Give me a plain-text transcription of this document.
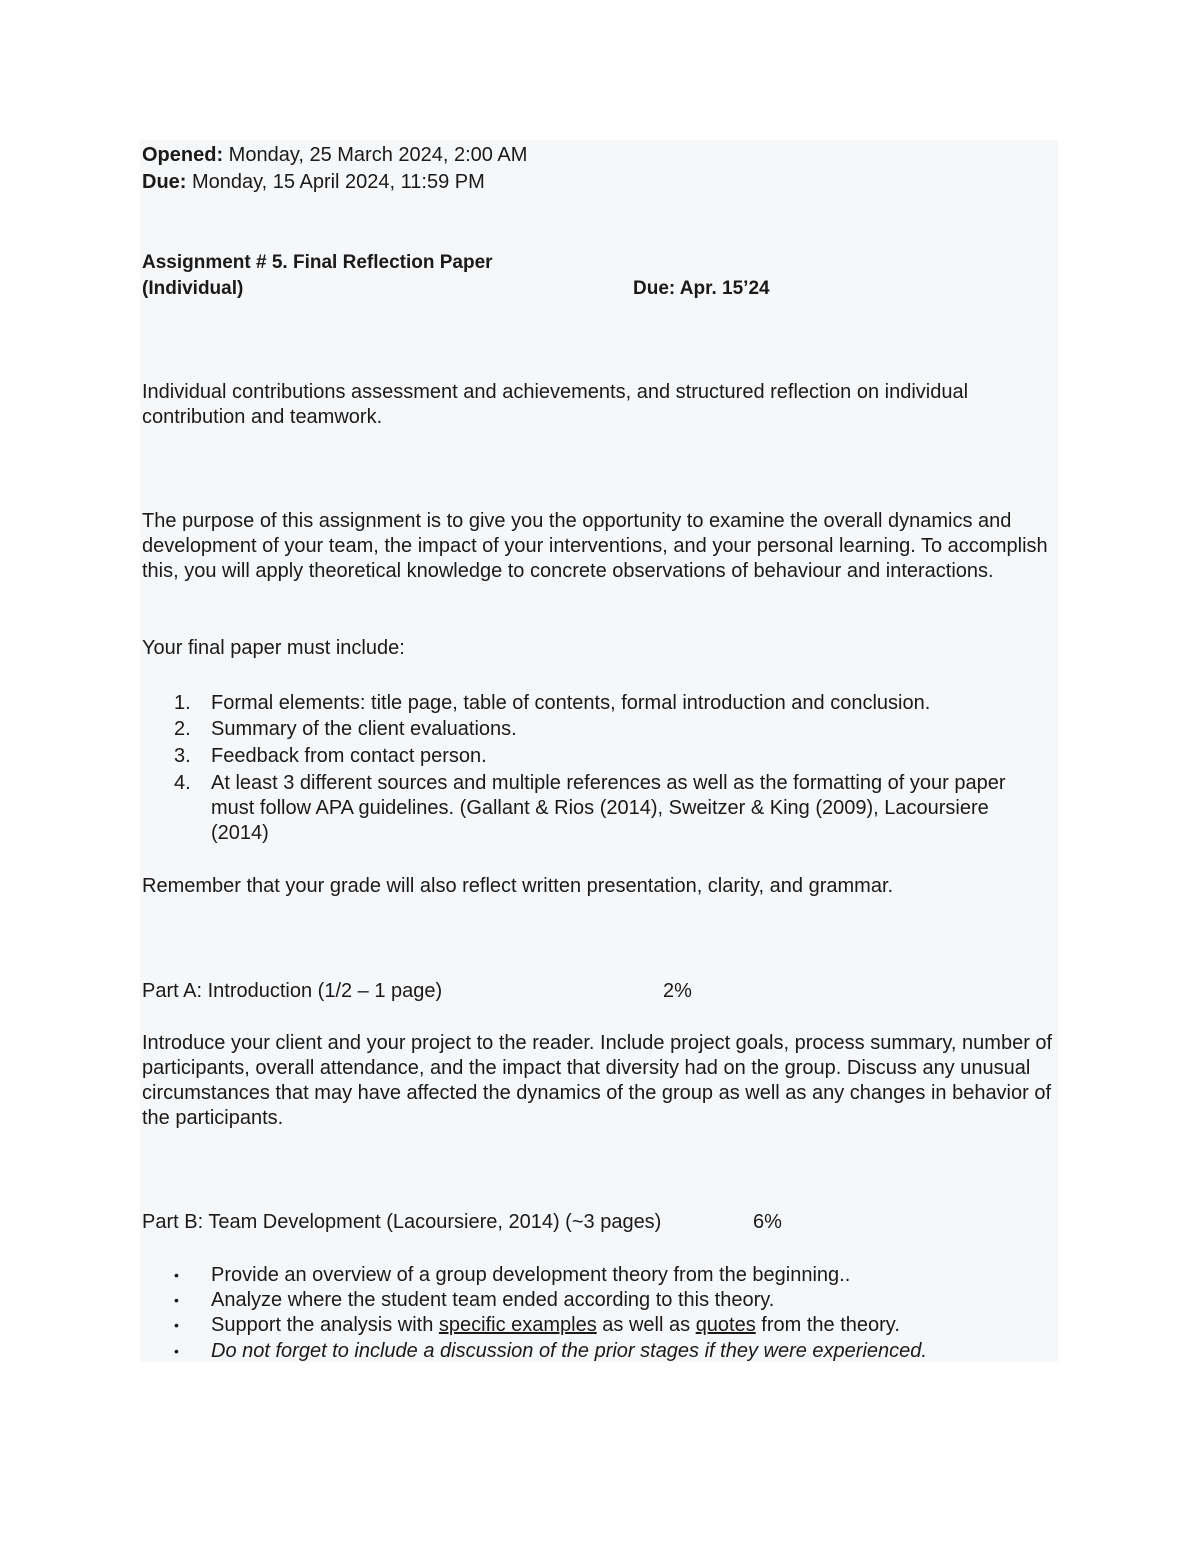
Opened: Monday, 25 March 2024, 2:00 AM
Due: Monday, 15 April 2024, 11:59 PM
Assignment # 5. Final Reflection Paper
(Individual)	Due: Apr. 15’24
Individual contributions assessment and achievements, and structured reflection on individual contribution and teamwork.
The purpose of this assignment is to give you the opportunity to examine the overall dynamics and development of your team, the impact of your interventions, and your personal learning. To accomplish this, you will apply theoretical knowledge to concrete observations of behaviour and interactions.
Your final paper must include:
1.	Formal elements: title page, table of contents, formal introduction and conclusion.
2.	Summary of the client evaluations.
3.	Feedback from contact person.
4.	At least 3 different sources and multiple references as well as the formatting of your paper must follow APA guidelines. (Gallant & Rios (2014), Sweitzer & King (2009), Lacoursiere (2014)
Remember that your grade will also reflect written presentation, clarity, and grammar.
Part A: Introduction (1/2 – 1 page)	2%
Introduce your client and your project to the reader. Include project goals, process summary, number of participants, overall attendance, and the impact that diversity had on the group. Discuss any unusual circumstances that may have affected the dynamics of the group as well as any changes in behavior of the participants.
Part B: Team Development (Lacoursiere, 2014) (~3 pages)	6%
•	Provide an overview of a group development theory from the beginning..
•	Analyze where the student team ended according to this theory.
•	Support the analysis with specific examples as well as quotes from the theory.
•	Do not forget to include a discussion of the prior stages if they were experienced.
